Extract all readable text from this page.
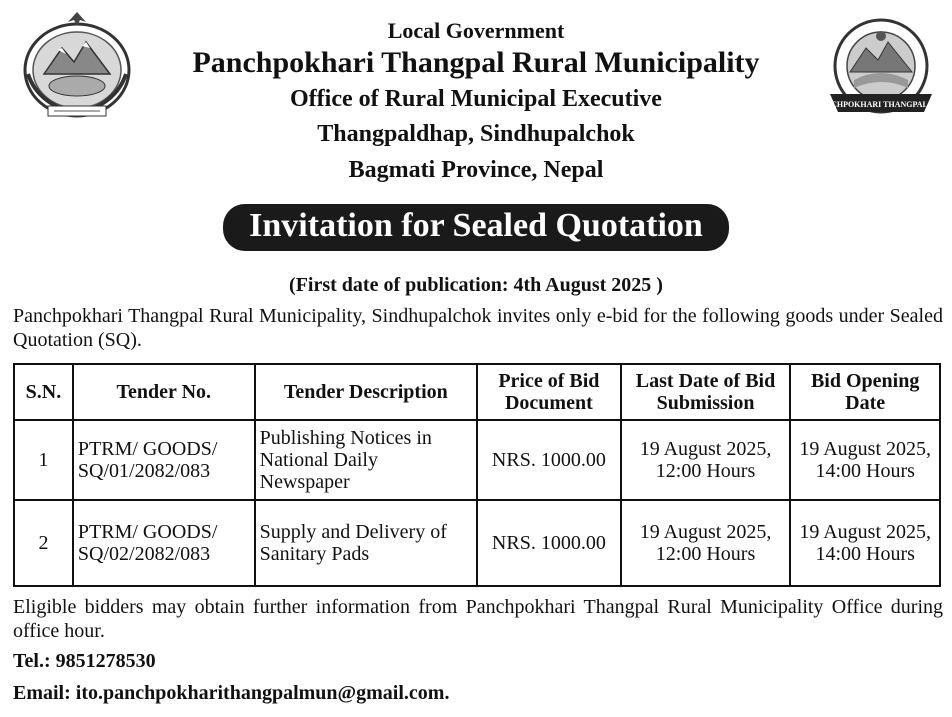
PANCHPOKHARI THANGPAL R.M.
Local Government
Panchpokhari Thangpal Rural Municipality
Office of Rural Municipal Executive
Thangpaldhap, Sindhupalchok
Bagmati Province, Nepal
Invitation for Sealed Quotation
(First date of publication: 4th August 2025 )

Panchpokhari Thangpal Rural Municipality, Sindhupalchok invites only e-bid for the following goods under Sealed Quotation (SQ).

S.N.	Tender No.	Tender Description	Price of Bid Document	Last Date of Bid Submission	Bid Opening Date
1	PTRM/ GOODS/ SQ/01/2082/083	Publishing Notices in National Daily Newspaper	NRS. 1000.00	19 August 2025, 12:00 Hours	19 August 2025, 14:00 Hours
2	PTRM/ GOODS/ SQ/02/2082/083	Supply and Delivery of Sanitary Pads	NRS. 1000.00	19 August 2025, 12:00 Hours	19 August 2025, 14:00 Hours

Eligible bidders may obtain further information from Panchpokhari Thangpal Rural Municipality Office during office hour.

Tel.: 9851278530
Email: ito.panchpokharithangpalmun@gmail.com.
